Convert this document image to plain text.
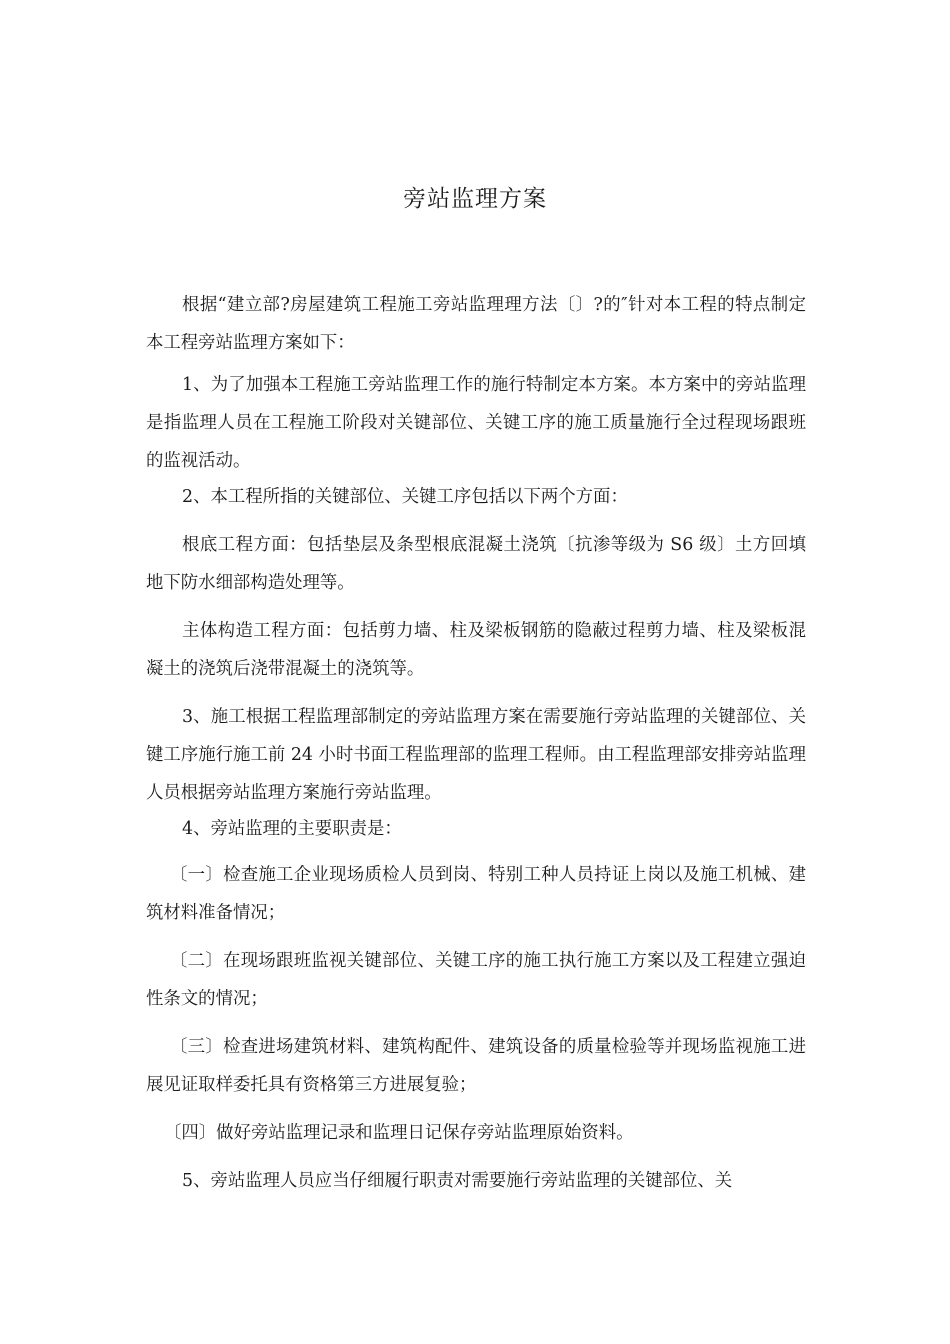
旁站监理方案

根据“建立部?房屋建筑工程施工旁站监理理方法〔〕?的″针对本工程的特点制定本工程旁站监理方案如下：

1、为了加强本工程施工旁站监理工作的施行特制定本方案。本方案中的旁站监理是指监理人员在工程施工阶段对关键部位、关键工序的施工质量施行全过程现场跟班的监视活动。

2、本工程所指的关键部位、关键工序包括以下两个方面：

根底工程方面：包括垫层及条型根底混凝土浇筑〔抗渗等级为 S6 级〕土方回填地下防水细部构造处理等。

主体构造工程方面：包括剪力墙、柱及梁板钢筋的隐蔽过程剪力墙、柱及梁板混凝土的浇筑后浇带混凝土的浇筑等。

3、施工根据工程监理部制定的旁站监理方案在需要施行旁站监理的关键部位、关键工序施行施工前 24 小时书面工程监理部的监理工程师。由工程监理部安排旁站监理人员根据旁站监理方案施行旁站监理。

4、旁站监理的主要职责是：

〔一〕检查施工企业现场质检人员到岗、特别工种人员持证上岗以及施工机械、建筑材料准备情况；

〔二〕在现场跟班监视关键部位、关键工序的施工执行施工方案以及工程建立强迫性条文的情况；

〔三〕检查进场建筑材料、建筑构配件、建筑设备的质量检验等并现场监视施工进展见证取样委托具有资格第三方进展复验；

〔四〕做好旁站监理记录和监理日记保存旁站监理原始资料。

5、旁站监理人员应当仔细履行职责对需要施行旁站监理的关键部位、关
